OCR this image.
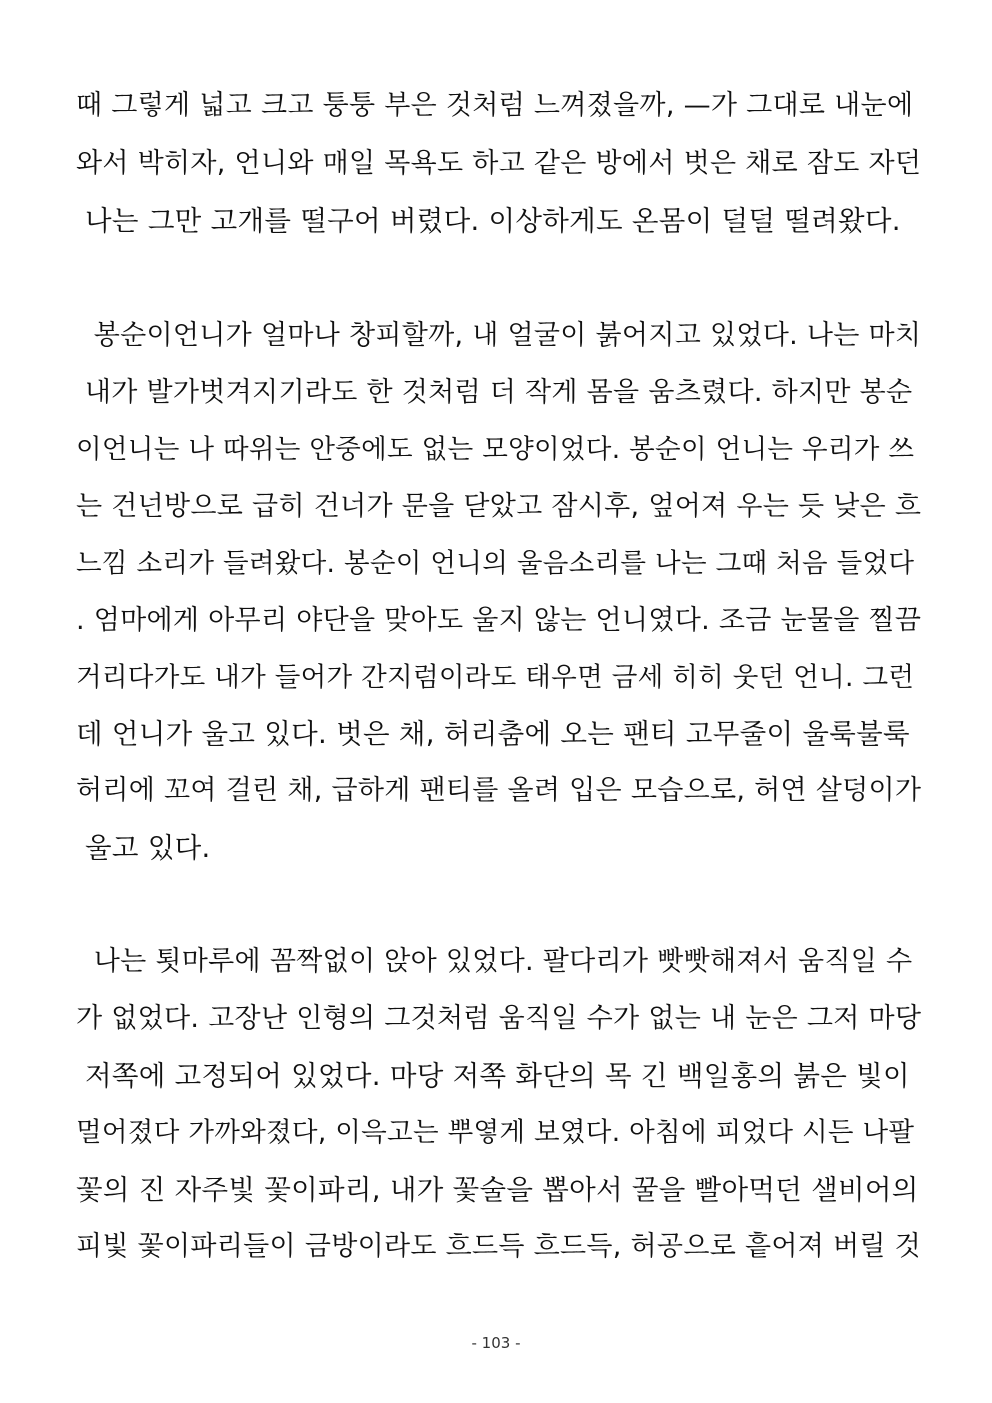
때 그렇게 넓고 크고 퉁퉁 부은 것처럼 느껴졌을까, —가 그대로 내눈에
와서 박히자, 언니와 매일 목욕도 하고 같은 방에서 벗은 채로 잠도 자던
나는 그만 고개를 떨구어 버렸다. 이상하게도 온몸이 덜덜 떨려왔다.
봉순이언니가 얼마나 창피할까, 내 얼굴이 붉어지고 있었다. 나는 마치
내가 발가벗겨지기라도 한 것처럼 더 작게 몸을 움츠렸다. 하지만 봉순
이언니는 나 따위는 안중에도 없는 모양이었다. 봉순이 언니는 우리가 쓰
는 건넌방으로 급히 건너가 문을 닫았고 잠시후, 엎어져 우는 듯 낮은 흐
느낌 소리가 들려왔다. 봉순이 언니의 울음소리를 나는 그때 처음 들었다
. 엄마에게 아무리 야단을 맞아도 울지 않는 언니였다. 조금 눈물을 찔끔
거리다가도 내가 들어가 간지럼이라도 태우면 금세 히히 웃던 언니. 그런
데 언니가 울고 있다. 벗은 채, 허리춤에 오는 팬티 고무줄이 울룩불룩
허리에 꼬여 걸린 채, 급하게 팬티를 올려 입은 모습으로, 허연 살덩이가
울고 있다.
나는 툇마루에 꼼짝없이 앉아 있었다. 팔다리가 빳빳해져서 움직일 수
가 없었다. 고장난 인형의 그것처럼 움직일 수가 없는 내 눈은 그저 마당
저쪽에 고정되어 있었다. 마당 저쪽 화단의 목 긴 백일홍의 붉은 빛이
멀어졌다 가까와졌다, 이윽고는 뿌옇게 보였다. 아침에 피었다 시든 나팔
꽃의 진 자주빛 꽃이파리, 내가 꽃술을 뽑아서 꿀을 빨아먹던 샐비어의
피빛 꽃이파리들이 금방이라도 흐드득 흐드득, 허공으로 흩어져 버릴 것
- 103 -
